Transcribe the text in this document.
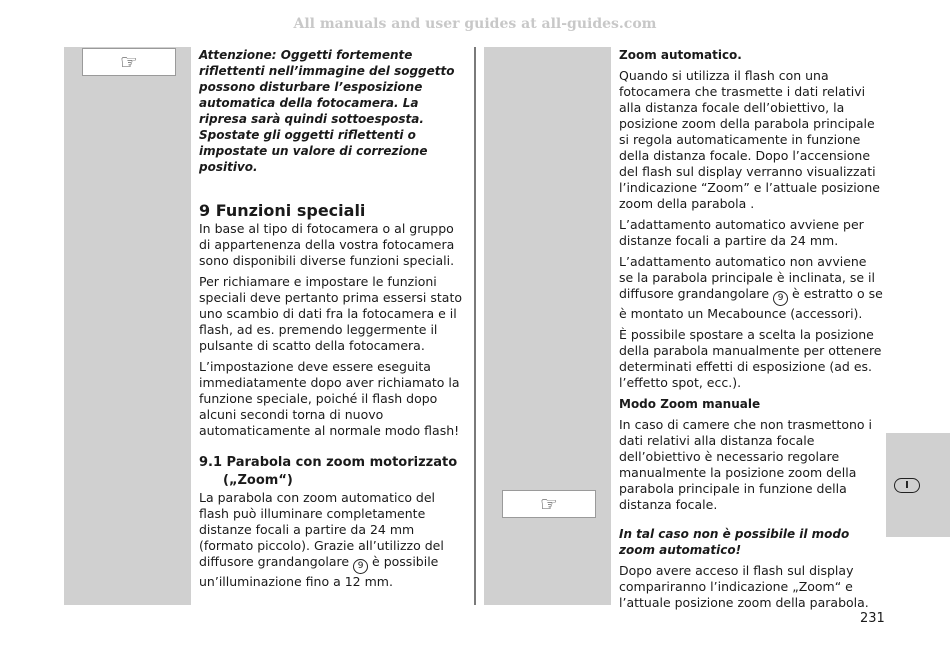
All manuals and user guides at all-guides.com
☞
☞

Attenzione: Oggetti fortemente riflettenti nell’immagine del soggetto possono disturbare l’esposizione automatica della fotocamera. La ripresa sarà quindi sottoesposta. Spostate gli oggetti riflettenti o impostate un valore di correzione positivo.

9 Funzioni speciali

In base al tipo di fotocamera o al gruppo di appartenenza della vostra fotocamera sono disponibili diverse funzioni speciali.

Per richiamare e impostare le funzioni speciali deve pertanto prima essersi stato uno scambio di dati fra la fotocamera e il flash, ad es. premendo leggermente il pulsante di scatto della fotocamera.

L’impostazione deve essere eseguita immediatamente dopo aver richiamato la funzione speciale, poiché il flash dopo alcuni secondi torna di nuovo automaticamente al normale modo flash!

9.1 Parabola con zoom motorizzato
(„Zoom“)

La parabola con zoom automatico del flash può illuminare completamente distanze focali a partire da 24 mm (formato piccolo). Grazie all’utilizzo del diffusore grandangolare 9 è possibile un’illuminazione fino a 12 mm.

Zoom automatico.

Quando si utilizza il flash con una fotocamera che trasmette i dati relativi alla distanza focale dell’obiettivo, la posizione zoom della parabola principale si regola automaticamente in funzione della distanza focale. Dopo l’accensione del flash sul display verranno visualizzati l’indicazione “Zoom” e l’attuale posizione zoom della parabola .

L’adattamento automatico avviene per distanze focali a partire da 24 mm.

L’adattamento automatico non avviene se la parabola principale è inclinata, se il diffusore grandangolare 9 è estratto o se è montato un Mecabounce (accessori).

È possibile spostare a scelta la posizione della parabola manualmente per ottenere determinati effetti di esposizione (ad es. l’effetto spot, ecc.).

Modo Zoom manuale

In caso di camere che non trasmettono i dati relativi alla distanza focale dell’obiettivo è necessario regolare manualmente la posizione zoom della parabola principale in funzione della distanza focale.

In tal caso non è possibile il modo zoom automatico!

Dopo avere acceso il flash sul display compariranno l’indicazione „Zoom“ e l’attuale posizione zoom della parabola.

I
231
